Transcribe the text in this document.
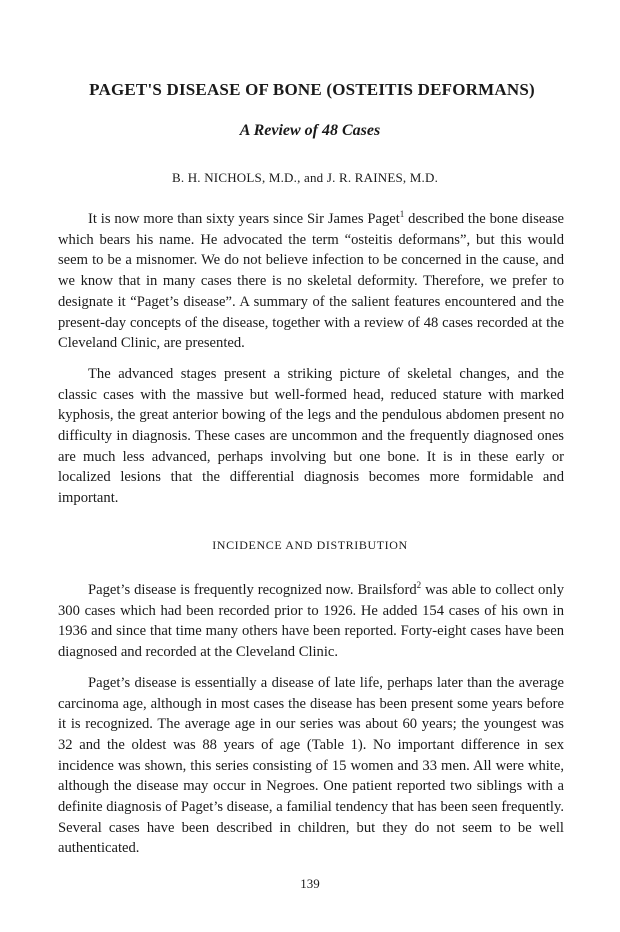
PAGET'S DISEASE OF BONE (OSTEITIS DEFORMANS)
A Review of 48 Cases
B. H. NICHOLS, M.D., and J. R. RAINES, M.D.

It is now more than sixty years since Sir James Paget$^1$ described the bone disease which bears his name. He advocated the term “osteitis deformans”, but this would seem to be a misnomer. We do not believe infection to be concerned in the cause, and we know that in many cases there is no skeletal deformity. Therefore, we prefer to designate it “Paget’s disease”. A summary of the salient features encountered and the present-day concepts of the disease, together with a review of 48 cases recorded at the Cleveland Clinic, are presented.

The advanced stages present a striking picture of skeletal changes, and the classic cases with the massive but well-formed head, reduced stature with marked kyphosis, the great anterior bowing of the legs and the pendulous abdomen present no difficulty in diagnosis. These cases are uncommon and the frequently diagnosed ones are much less advanced, perhaps involving but one bone. It is in these early or localized lesions that the differential diagnosis becomes more formidable and important.

INCIDENCE AND DISTRIBUTION

Paget’s disease is frequently recognized now. Brailsford$^2$ was able to collect only 300 cases which had been recorded prior to 1926. He added 154 cases of his own in 1936 and since that time many others have been reported. Forty-eight cases have been diagnosed and recorded at the Cleveland Clinic.

Paget’s disease is essentially a disease of late life, perhaps later than the average carcinoma age, although in most cases the disease has been present some years before it is recognized. The average age in our series was about 60 years; the youngest was 32 and the oldest was 88 years of age (Table 1). No important difference in sex incidence was shown, this series consisting of 15 women and 33 men. All were white, although the disease may occur in Negroes. One patient reported two siblings with a definite diagnosis of Paget’s disease, a familial tendency that has been seen frequently. Several cases have been described in children, but they do not seem to be well authenticated.

139
